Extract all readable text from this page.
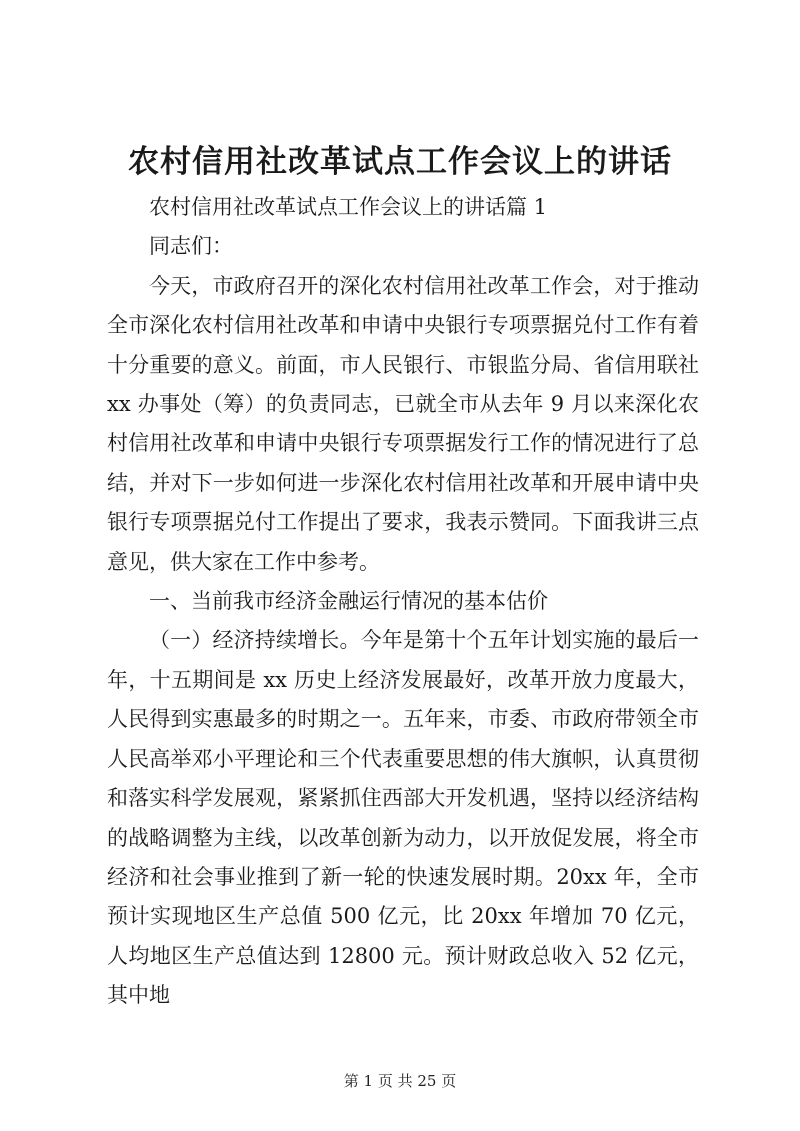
农村信用社改革试点工作会议上的讲话

农村信用社改革试点工作会议上的讲话篇 1

同志们：

今天，市政府召开的深化农村信用社改革工作会，对于推动全市深化农村信用社改革和申请中央银行专项票据兑付工作有着十分重要的意义。前面，市人民银行、市银监分局、省信用联社 xx 办事处（筹）的负责同志，已就全市从去年 9 月以来深化农村信用社改革和申请中央银行专项票据发行工作的情况进行了总结，并对下一步如何进一步深化农村信用社改革和开展申请中央银行专项票据兑付工作提出了要求，我表示赞同。下面我讲三点意见，供大家在工作中参考。

一、当前我市经济金融运行情况的基本估价

（一）经济持续增长。今年是第十个五年计划实施的最后一年，十五期间是 xx 历史上经济发展最好，改革开放力度最大，人民得到实惠最多的时期之一。五年来，市委、市政府带领全市人民高举邓小平理论和三个代表重要思想的伟大旗帜，认真贯彻和落实科学发展观，紧紧抓住西部大开发机遇，坚持以经济结构的战略调整为主线，以改革创新为动力，以开放促发展，将全市经济和社会事业推到了新一轮的快速发展时期。20xx 年，全市预计实现地区生产总值 500 亿元，比 20xx 年增加 70 亿元，人均地区生产总值达到 12800 元。预计财政总收入 52 亿元，其中地

第 1 页 共 25 页
